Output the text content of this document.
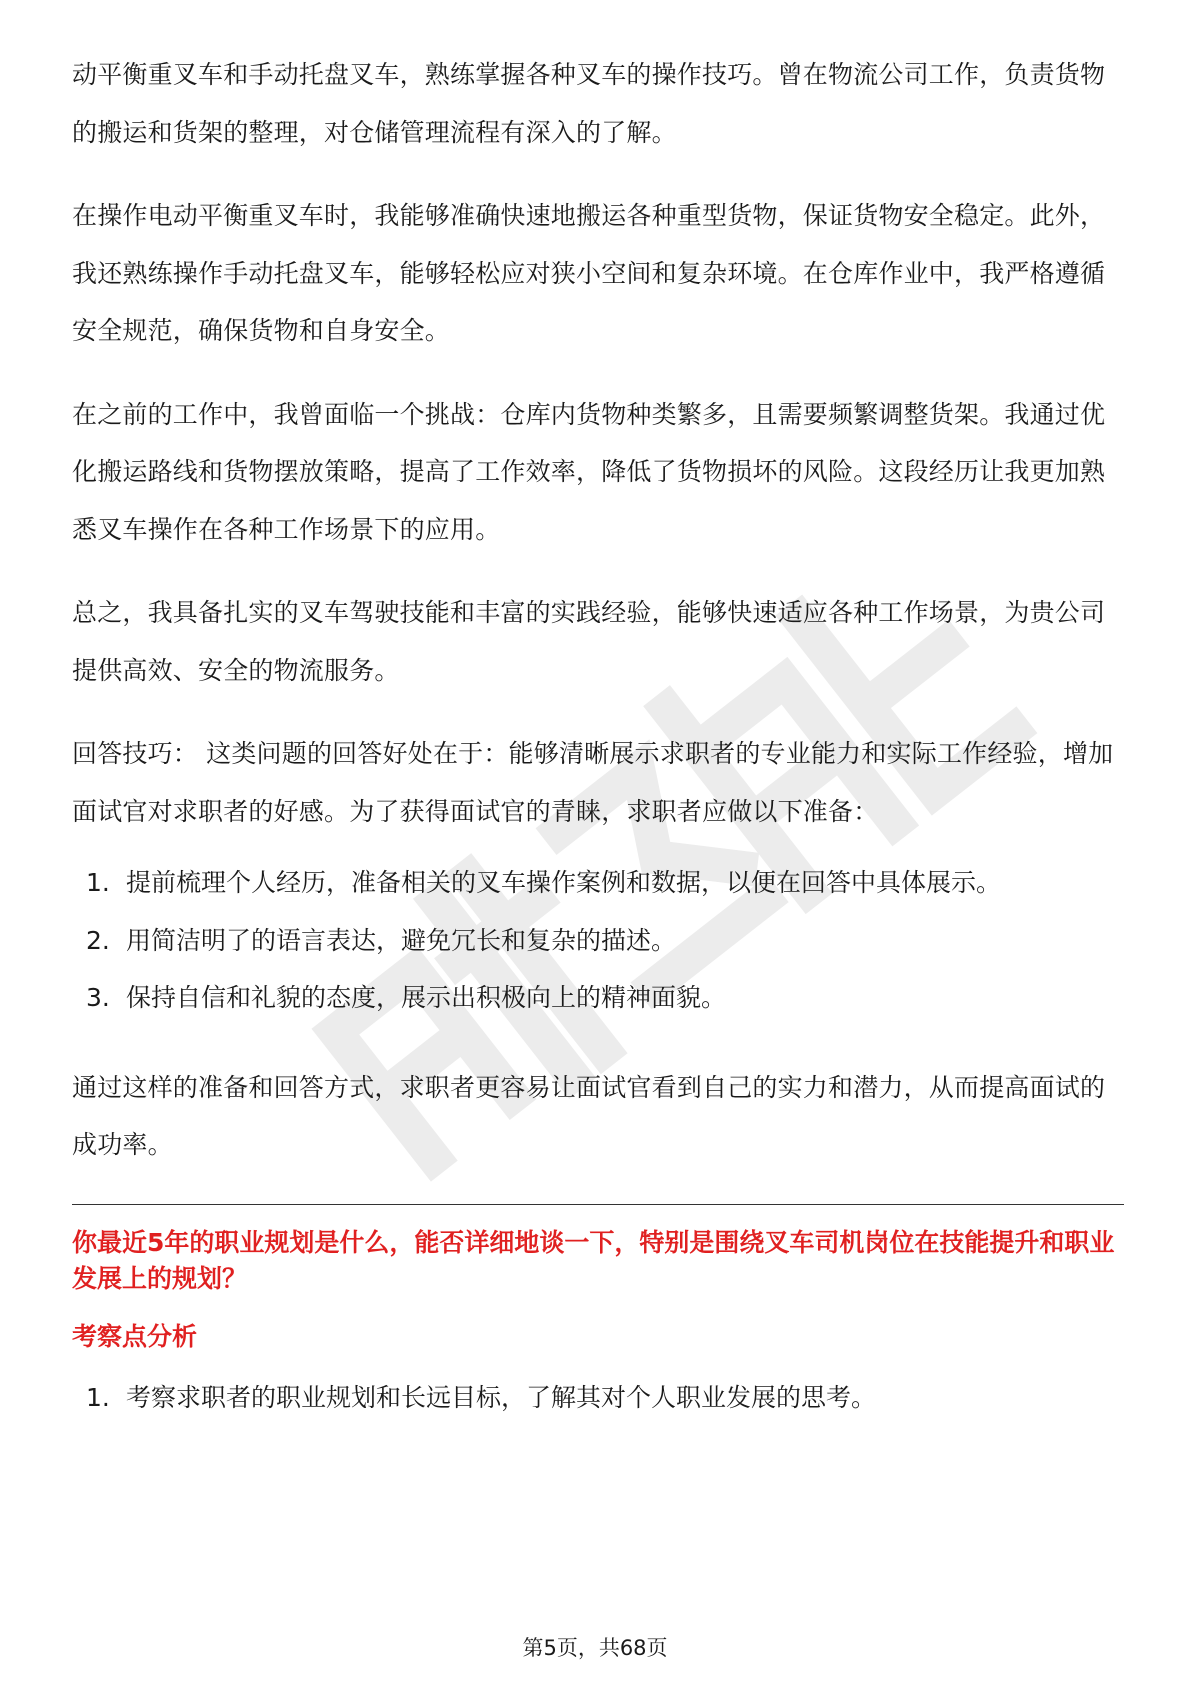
动平衡重叉车和手动托盘叉车，熟练掌握各种叉车的操作技巧。曾在物流公司工作，负责货物的搬运和货架的整理，对仓储管理流程有深入的了解。

在操作电动平衡重叉车时，我能够准确快速地搬运各种重型货物，保证货物安全稳定。此外，我还熟练操作手动托盘叉车，能够轻松应对狭小空间和复杂环境。在仓库作业中，我严格遵循安全规范，确保货物和自身安全。

在之前的工作中，我曾面临一个挑战：仓库内货物种类繁多，且需要频繁调整货架。我通过优化搬运路线和货物摆放策略，提高了工作效率，降低了货物损坏的风险。这段经历让我更加熟悉叉车操作在各种工作场景下的应用。

总之，我具备扎实的叉车驾驶技能和丰富的实践经验，能够快速适应各种工作场景，为贵公司提供高效、安全的物流服务。

回答技巧： 这类问题的回答好处在于：能够清晰展示求职者的专业能力和实际工作经验，增加面试官对求职者的好感。为了获得面试官的青睐，求职者应做以下准备：

1. 提前梳理个人经历，准备相关的叉车操作案例和数据，以便在回答中具体展示。
2. 用简洁明了的语言表达，避免冗长和复杂的描述。
3. 保持自信和礼貌的态度，展示出积极向上的精神面貌。

通过这样的准备和回答方式，求职者更容易让面试官看到自己的实力和潜力，从而提高面试的成功率。

你最近5年的职业规划是什么，能否详细地谈一下，特别是围绕叉车司机岗位在技能提升和职业发展上的规划？

考察点分析

1. 考察求职者的职业规划和长远目标，了解其对个人职业发展的思考。
第5页，共68页
